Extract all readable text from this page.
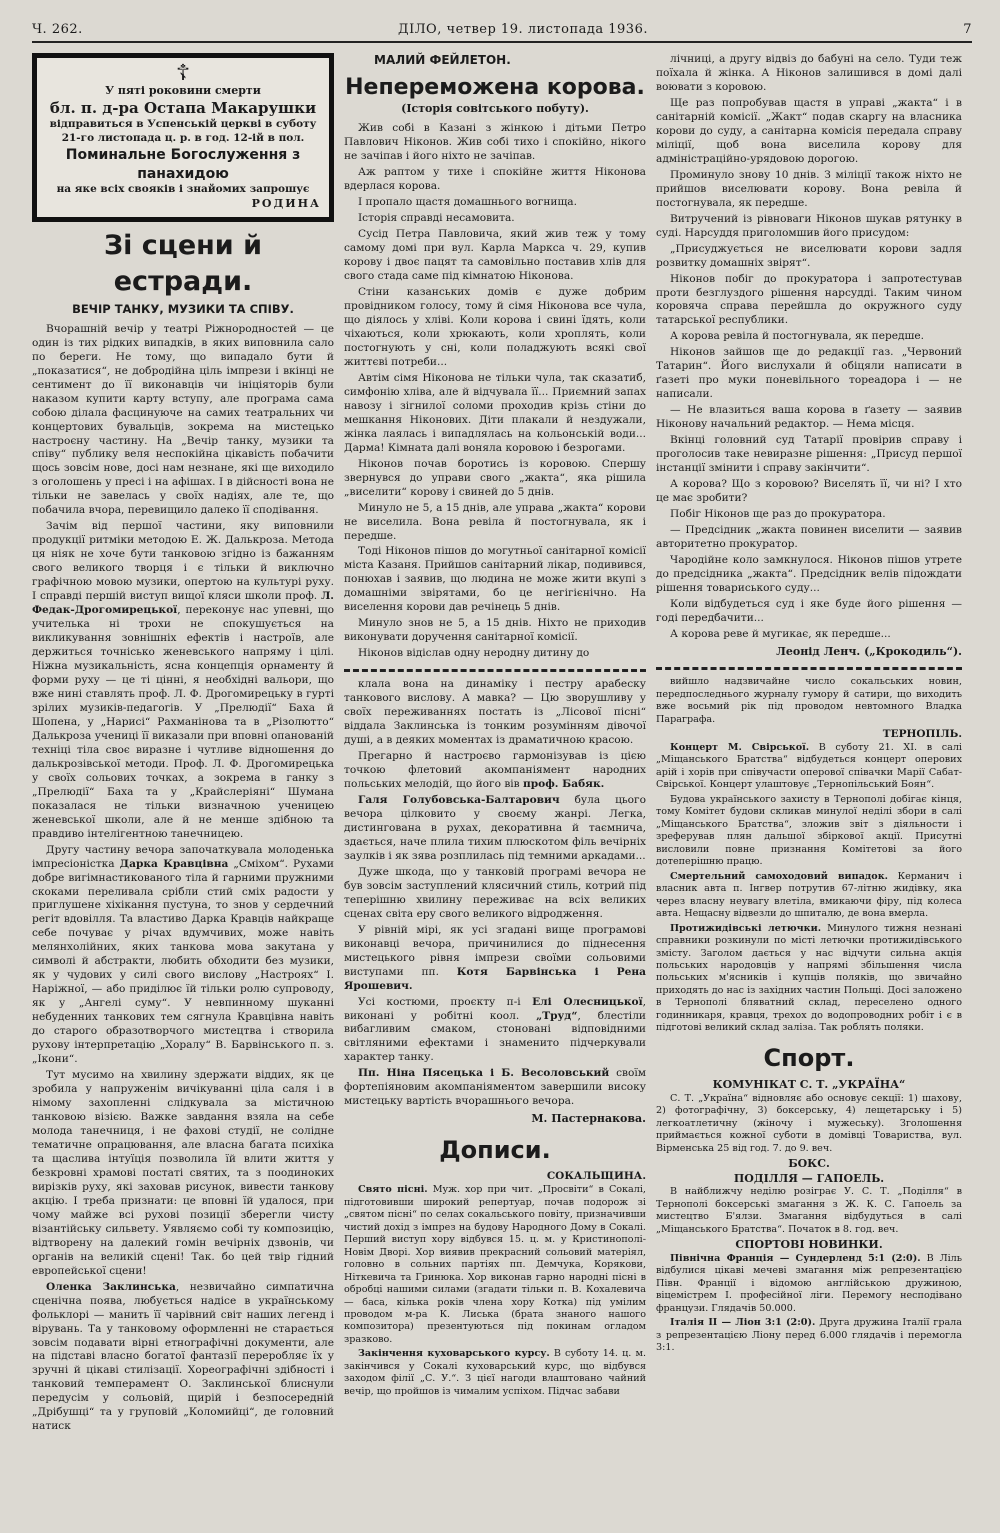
Ч. 262.	ДІЛО, четвер 19. листопада 1936.	7
☦
У пяті роковини смерти
бл. п. д-ра Остапа Макарушки
відправиться в Успенській церкві в суботу
21-го листопада ц. р. в год. 12-ій в пол.
Поминальне Богослуження з панахидою
на яке всіх свояків і знайомих запрошує
РОДИНА
Зі сцени й естради.
ВЕЧІР ТАНКУ, МУЗИКИ ТА СПІВУ.

Вчорашній вечір у театрі Ріжнородностей — це один із тих рідких випадків, в яких виповнила сало по береги. Не тому, що випадало бути й „показатися“, не добродійна ціль імпрези і вкінці не сентимент до її виконавців чи ініціяторів були наказом купити карту вступу, але програма сама собою ділала фасцинуюче на самих театральних чи концертових бувальців, зокрема на мистецько настроєну частину. На „Вечір танку, музики та співу“ публику веля неспокійна цікавість побачити щось зовсім нове, досі нам незнане, які ще виходило з оголошень у пресі і на афішах. І в дійсності вона не тільки не завелась у своїх надіях, але те, що побачила вчора, перевищило далеко її сподівання.

Зачім від першої частини, яку виповнили продукції ритміки методою Е. Ж. Далькроза. Метода ця ніяк не хоче бути танковою згідно із бажанням свого великого творця і є тільки й виключно графічною мовою музики, опертою на культурі руху. І справді першій виступ вищої кляси школи проф. Л. Федак-Дрогомирецької, переконує нас упевні, що учителька ні трохи не спокушується на викликування зовнішніх ефектів і настроїв, але держиться точнісько женевського напряму і цілі. Ніжна музикальність, ясна концепція орнаменту й форми руху — це ті цінні, я необхідні вальори, що вже нині ставлять проф. Л. Ф. Дрогомирецьку в гурті зрілих музиків-педагогів. У „Прелюдії“ Баха й Шопена, у „Нарисі“ Рахманінова та в „Різолютто“ Далькроза учениці її виказали при вповні опанованій техніці тіла своє виразне і чутливе відношення до далькрозівської методи. Проф. Л. Ф. Дрогомирецька у своїх сольових точках, а зокрема в ганку з „Прелюдії“ Баха та у „Крайслеріяні“ Шумана показалася не тільки визначною ученицею женевської школи, але й не менше здібною та правдиво інтелігентною танечницею.

Другу частину вечора започаткувала молоденька імпресіоністка Дарка Кравцівна „Сміхом“. Рухами добре вигімнастикованого тіла й гарними пружними скоками переливала срібли стий сміх радости у приглушене хіхікання пустуна, то знов у сердечний регіт вдовілля. Та властиво Дарка Кравців найкраще себе почуває у річах вдумчивих, може навіть мелянхолійних, яких танкова мова закутана у символі й абстракти, любить обходити без музики, як у чудових у силі свого вислову „Настроях“ І. Наріжної, — або приділює їй тільки ролю супроводу, як у „Ангелі суму“. У невпинному шуканні небуденних танкових тем сягнула Кравцівна навіть до старого образотворчого мистецтва і створила рухову інтерпретацію „Хоралу“ В. Барвінського п. з. „Ікони“.

Тут мусимо на хвилину здержати віддих, як це зробила у напруженім вичікуванні ціла саля і в німому захопленні слідкувала за містичною танковою візією. Важке завдання взяла на себе молода танечниця, і не фахові студії, не солідне тематичне опрацювання, але власна багата психіка та щаслива інтуїція позволила їй влити життя у безкровні храмові постаті святих, та з поодиноких вирізків руху, які заховав рисунок, вивести танкову акцію. І треба признати: це вповні їй удалося, при чому майже всі рухові позиції зберегли чисту візантійську сильвету. Уявляємо собі ту композицію, відтворену на далекий гомін вечірніх дзвонів, чи органів на великій сцені! Так. бо цей твір гідний европейської сцени!

Оленка Заклинська, незвичайно симпатична сценічна поява, любується надісе в українському фольклорі — манить її чарівний світ наших легенд і вірувань. Та у танковому оформленні не старається зовсім подавати вірні етнографічні документи, але на підставі власно богатої фантазії переробляє їх у зручні й цікаві стилізації. Хореографічні здібності і танковий темперамент О. Заклинської блиснули передусім у сольовій, щирій і безпосередній „Дрібушці“ та у груповій „Коломийці“, де головний натиск

МАЛИЙ ФЕЙЛЕТОН.
Непереможена корова.
(Історія совітського побуту).

Жив собі в Казані з жінкою і дітьми Петро Павлович Ніконов. Жив собі тихо і спокійно, нікого не зачіпав і його ніхто не зачіпав.

Аж раптом у тихе і спокійне життя Ніконова вдерлася корова.

І пропало щастя домашнього вогнища.

Історія справді несамовита.

Сусід Петра Павловича, який жив теж у тому самому домі при вул. Карла Маркса ч. 29, купив корову і двоє пацят та самовільно поставив хлів для свого стада саме під кімнатою Ніконова.

Стіни казанських домів є дуже добрим провідником голосу, тому й сімя Ніконова все чула, що діялось у хліві. Коли корова і свині їдять, коли чіхаються, коли хрюкають, коли хроплять, коли постогнують у сні, коли поладжують всякі свої життєві потреби...

Автім сімя Ніконова не тільки чула, так сказатиб, симфонію хліва, але й відчувала її... Приємний запах навозу і зігнилої соломи проходив крізь стіни до мешкання Ніконових. Діти плакали й нездужали, жінка лаялась і випадлялась на кольонській води... Дарма! Кімната далі воняла коровою і безрогами.

Ніконов почав боротись із коровою. Спершу звернувся до управи свого „жакта“, яка рішила „виселити“ корову і свиней до 5 днів.

Минуло не 5, а 15 днів, але управа „жакта“ корови не виселила. Вона ревіла й постогнувала, як і передше.

Тоді Ніконов пішов до могутньої санітарної комісії міста Казаня. Прийшов санітарний лікар, подивився, понюхав і заявив, що людина не може жити вкупі з домашніми звірятами, бо це негігієнічно. На виселення корови дав речінець 5 днів.

Минуло знов не 5, а 15 днів. Ніхто не приходив виконувати доручення санітарної комісії.

Ніконов відіслав одну неродну дитину до

клала вона на динаміку і пестру арабеску танкового вислову. А мавка? — Цю зворушливу у своїх переживаннях постать із „Лісової пісні“ віддала Заклинська із тонким розумінням дівочої душі, а в деяких моментах із драматичною красою.

Прегарно й настроєво гармонізував із цією точкою флетовий акомпаніямент народних польських мелодій, що його вів проф. Бабяк.

Галя Голубовська-Балтарович була цього вечора цілковито у своєму жанрі. Легка, дистингована в рухах, декоративна й таємнича, здається, наче плила тихим плюскотом філь вечірніх заулків і як зява розплилась під темними аркадами...

Дуже шкода, що у танковій програмі вечора не був зовсім заступлений клясичний стиль, котрий під теперішню хвилину переживає на всіх великих сценах світа еру свого великого відродження.

У рівній мірі, як усі згадані вище програмові виконавці вечора, причинилися до піднесення мистецького рівня імпрези своїми сольовими виступами пп. Котя Барвінська і Рена Ярошевич.

Усі костюми, проєкту п-і Елі Олесницької, виконані у робітні коол. „Труд“, блестіли вибагливим смаком, стоновані відповідними світляними ефектами і знаменито підчеркували характер танку.

Пп. Ніна Пясецька і Б. Весоловський своїм фортепіяновим акомпаніяментом завершили високу мистецьку вартість вчорашнього вечора.

М. Пастернакова.
Дописи.
СОКАЛЬЩИНА.

Свято пісні. Муж. хор при чит. „Просвіти“ в Сокалі, підготовивши широкий репертуар, почав подорож зі „святом пісні“ по селах сокальського повіту, призначивши чистий дохід з імпрез на будову Народного Дому в Сокалі. Перший виступ хору відбувся 15. ц. м. у Кристинополі-Новім Дворі. Хор виявив прекрасний сольовий матеріял, головно в сольних партіях пп. Демчука, Корякови, Ніткевича та Гринюка. Хор виконав гарно народні пісні в обробці нашими силами (згадати тільки п. В. Кохалевича — баса, кілька років члена хору Котка) під умілим проводом м-ра К. Лиська (брата знаного нашого композитора) презентуються під покинам огладом зразково.

Закінчення куховарського курсу. В суботу 14. ц. м. закінчився у Сокалі куховарський курс, що відбувся заходом філії „С. У.“. З цієї нагоди влаштовано чайний вечір, що пройшов із чималим успіхом. Підчас забави

лічниці, а другу відвіз до бабуні на село. Туди теж поїхала й жінка. А Ніконов залишився в домі далі воювати з коровою.

Ще раз попробував щастя в управі „жакта“ і в санітарній комісії. „Жакт“ подав скаргу на власника корови до суду, а санітарна комісія передала справу міліції, щоб вона виселила корову для адміністраційно-урядовою дорогою.

Проминуло знову 10 днів. З міліції також ніхто не прийшов виселювати корову. Вона ревіла й постогнувала, як передше.

Витручений із рівноваги Ніконов шукав рятунку в суді. Нарсуддя приголомшив його присудом:

„Присуджується не виселювати корови задля розвитку домашніх звірят“.

Ніконов побіг до прокуратора і запротестував проти безглуздого рішення нарсудді. Таким чином коровяча справа перейшла до окружного суду татарської республики.

А корова ревіла й постогнувала, як передше.

Ніконов зайшов ще до редакції газ. „Червоний Татарин“. Його вислухали й обіцяли написати в ґазеті про муки поневільного тореадора і — не написали.

— Не влазиться ваша корова в ґазету — заявив Ніконову начальний редактор. — Нема місця.

Вкінці головний суд Татарії провірив справу і проголосив таке невиразне рішення: „Присуд першої інстанції змінити і справу закінчити“.

А корова? Що з коровою? Виселять її, чи ні? І хто це має зробити?

Побіг Ніконов ще раз до прокуратора.

— Предсідник „жакта повинен виселити — заявив авторитетно прокуратор.

Чародійне коло замкнулося. Ніконов пішов утрете до предсідника „жакта“. Предсідник велів підождати рішення товариського суду...

Коли відбудеться суд і яке буде його рішення — годі передбачити...

А корова реве й мугикає, як передше...

Леонід Ленч. („Крокодиль“).

вийшло надзвичайне число сокальських новин, передпоследнього журналу гумору й сатири, що виходить вже восьмий рік під проводом невтомного Владка Параграфа.

ТЕРНОПІЛЬ.

Концерт М. Свірської. В суботу 21. XI. в салі „Міщанського Братства“ відбудеться концерт оперових арій і хорів при співучасти оперової співачки Марії Сабат-Свірської. Концерт улаштовує „Тернопільський Боян“.

Будова українського захисту в Тернополі добігає кінця, тому Комітет будови скликав минулої неділі збори в салі „Міщанського Братства“, зложив звіт з діяльности і зреферував плян дальшої збіркової акції. Присутні висловили повне признання Комітетові за його дотеперішню працю.

Смертельний самоходовий випадок. Керманич і власник авта п. Інгвер потрутив 67-літню жидівку, яка через власну неувагу влетіла, вмикаючи фіру, під колеса авта. Нещасну відвезли до шпиталю, де вона вмерла.

Протижидівські летючки. Минулого тижня незнані справники розкинули по місті летючки протижидівського змісту. Заголом дається у нас відчути сильна акція польських народовців у напрямі збільшення числа польських м'ясників і купців поляків, що звичайно приходять до нас із західних частин Польщі. Досі заложено в Тернополі бляватний склад, переселено одного годинникаря, кравця, трехох до водопроводних робіт і є в підготові великий склад заліза. Так роблять поляки.

Спорт.
КОМУНІКАТ С. Т. „УКРАЇНА“

С. Т. „Україна“ відновляє або основує секції: 1) шахову, 2) фотографічну, 3) боксерську, 4) лещетарську і 5) легкоатлетичну (жіночу і мужеську). Зголошення приймається кожної суботи в домівці Товариства, вул. Вірменська 25 від год. 7. до 9. веч.

БОКС.
ПОДІЛЛЯ — ГАПОЕЛЬ.

В найближчу неділю розіграє У. С. Т. „Поділля“ в Тернополі боксерські змагання з Ж. К. С. Гапоель за мистецтво Б'ялзи. Змагання відбудуться в салі „Міщанського Братства“. Початок в 8. год. веч.

СПОРТОВІ НОВИНКИ.

Північна Франція — Сундерленд 5:1 (2:0). В Ліль відбулися цікаві мечеві змагання між репрезентацією Півн. Франції і відомою англійською дружиною, віцемістрем І. професійної ліги. Перемогу несподівано французи. Глядачів 50.000.

Італія II — Ліон 3:1 (2:0). Друга дружина Італії грала з репрезентацією Ліону перед 6.000 глядачів і перемогла 3:1.
